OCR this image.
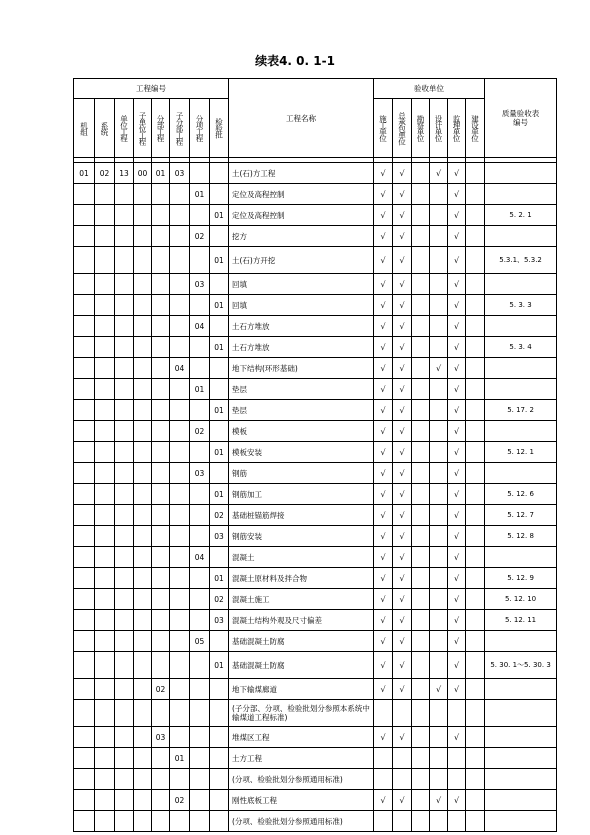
续表4. 0. 1-1
工程编号								工程名称	验收单位						质量验收表编号
机组	系统	单位工程	子单位工程	分部工程	子分部工程	分项工程	检验批		施工单位	总承包单位	勘察单位	设计单位	监理单位	建设单位	

01	02	13	00	01	03			土(石)方工程	√	√		√	√		
						01		定位及高程控制	√	√			√		
							01	定位及高程控制	√	√			√		5. 2. 1
						02		挖方	√	√			√		
							01	土(石)方开挖	√	√			√		5.3.1、5.3.2
						03		回填	√	√			√		
							01	回填	√	√			√		5. 3. 3
						04		土石方堆放	√	√			√		
							01	土石方堆放	√	√			√		5. 3. 4
					04			地下结构(环形基础)	√	√		√	√		
						01		垫层	√	√			√		
							01	垫层	√	√			√		5. 17. 2
						02		模板	√	√			√		
							01	模板安装	√	√			√		5. 12. 1
						03		钢筋	√	√			√		
							01	钢筋加工	√	√			√		5. 12. 6
							02	基础桩锚筋焊接	√	√			√		5. 12. 7
							03	钢筋安装	√	√			√		5. 12. 8
						04		混凝土	√	√			√		
							01	混凝土原材料及拌合物	√	√			√		5. 12. 9
							02	混凝土施工	√	√			√		5. 12. 10
							03	混凝土结构外观及尺寸偏差	√	√			√		5. 12. 11
						05		基础混凝土防腐	√	√			√		
							01	基础混凝土防腐	√	√			√		5. 30. 1～5. 30. 3
				02				地下输煤廊道	√	√		√	√		
								(子分部、分项、检验批划分参照本系统中输煤道工程标准)							
				03				堆煤区工程	√	√			√		
					01			土方工程							
								(分项、检验批划分参照通用标准)							
					02			刚性底板工程	√	√		√	√		
								(分项、检验批划分参照通用标准)							
